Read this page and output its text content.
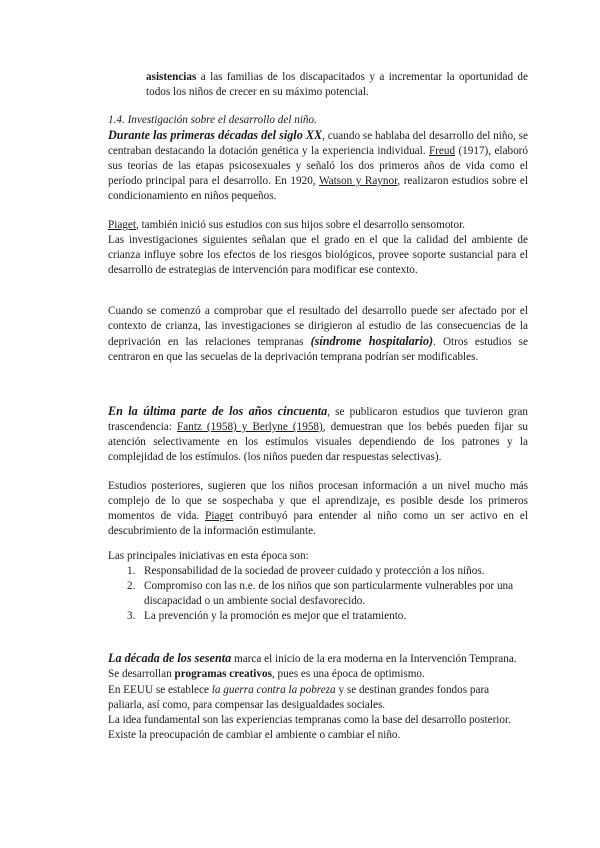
asistencias a las familias de los discapacitados y a incrementar la oportunidad de todos los niños de crecer en su máximo potencial.

1.4. Investigación sobre el desarrollo del niño.

Durante las primeras décadas del siglo XX, cuando se hablaba del desarrollo del niño, se centraban destacando la dotación genética y la experiencia individual. Freud (1917), elaboró sus teorías de las etapas psicosexuales y señaló los dos primeros años de vida como el período principal para el desarrollo. En 1920, Watson y Raynor, realizaron estudios sobre el condicionamiento en niños pequeños.

Piaget, también inició sus estudios con sus hijos sobre el desarrollo sensomotor.

Las investigaciones siguientes señalan que el grado en el que la calidad del ambiente de crianza influye sobre los efectos de los riesgos biológicos, provee soporte sustancial para el desarrollo de estrategias de intervención para modificar ese contexto.

Cuando se comenzó a comprobar que el resultado del desarrollo puede ser afectado por el contexto de crianza, las investigaciones se dirigieron al estudio de las consecuencias de la deprivación en las relaciones tempranas (síndrome hospitalario). Otros estudios se centraron en que las secuelas de la deprivación temprana podrían ser modificables.

En la última parte de los años cincuenta, se publicaron estudios que tuvieron gran trascendencia: Fantz (1958) y Berlyne (1958), demuestran que los bebés pueden fijar su atención selectivamente en los estímulos visuales dependiendo de los patrones y la complejidad de los estímulos. (los niños pueden dar respuestas selectivas).

Estudios posteriores, sugieren que los niños procesan información a un nivel mucho más complejo de lo que se sospechaba y que el aprendizaje, es posible desde los primeros momentos de vida. Piaget contribuyó para entender al niño como un ser activo en el descubrimiento de la información estimulante.

Las principales iniciativas en esta época son:

1. Responsabilidad de la sociedad de proveer cuidado y protección a los niños.
2. Compromiso con las n.e. de los niños que son particularmente vulnerables por una discapacidad o un ambiente social desfavorecido.
3. La prevención y la promoción es mejor que el tratamiento.

La década de los sesenta marca el inicio de la era moderna en la Intervención Temprana. Se desarrollan programas creativos, pues es una época de optimismo.

En EEUU se establece la guerra contra la pobreza y se destinan grandes fondos para paliarla, así como, para compensar las desigualdades sociales.

La idea fundamental son las experiencias tempranas como la base del desarrollo posterior. Existe la preocupación de cambiar el ambiente o cambiar el niño.
